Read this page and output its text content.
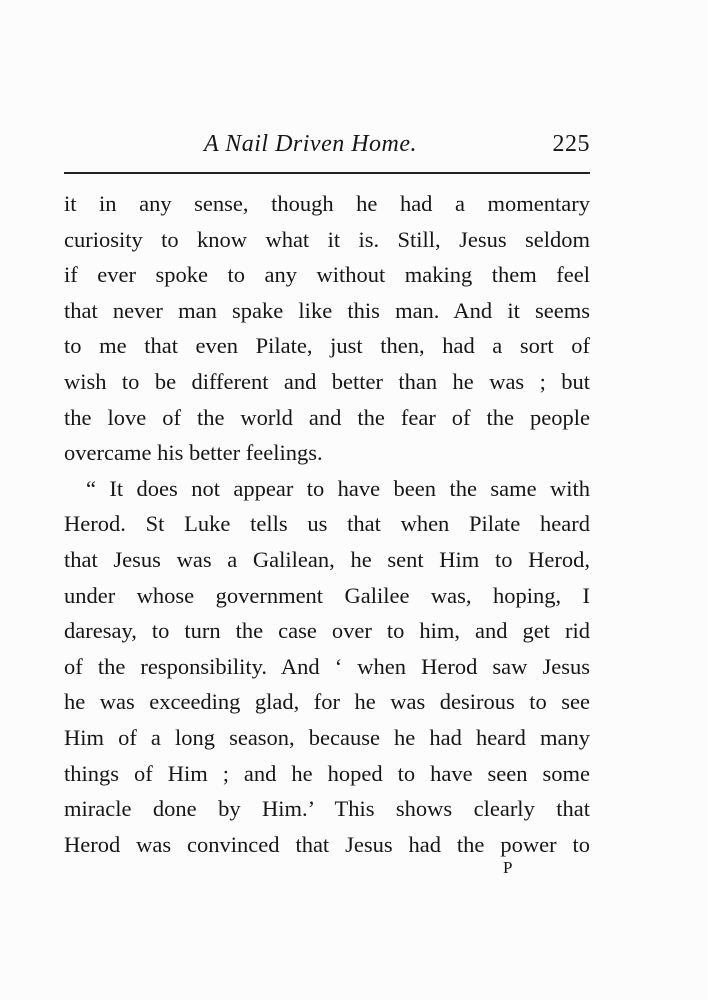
A Nail Driven Home.	225
it in any sense, though he had a momentary
curiosity to know what it is. Still, Jesus seldom
if ever spoke to any without making them feel
that never man spake like this man. And it seems
to me that even Pilate, just then, had a sort of
wish to be different and better than he was ; but
the love of the world and the fear of the people
overcame his better feelings.
“ It does not appear to have been the same with
Herod. St Luke tells us that when Pilate heard
that Jesus was a Galilean, he sent Him to Herod,
under whose government Galilee was, hoping, I
daresay, to turn the case over to him, and get rid
of the responsibility. And ‘ when Herod saw Jesus
he was exceeding glad, for he was desirous to see
Him of a long season, because he had heard many
things of Him ; and he hoped to have seen some
miracle done by Him.’ This shows clearly that
Herod was convinced that Jesus had the power to
P
